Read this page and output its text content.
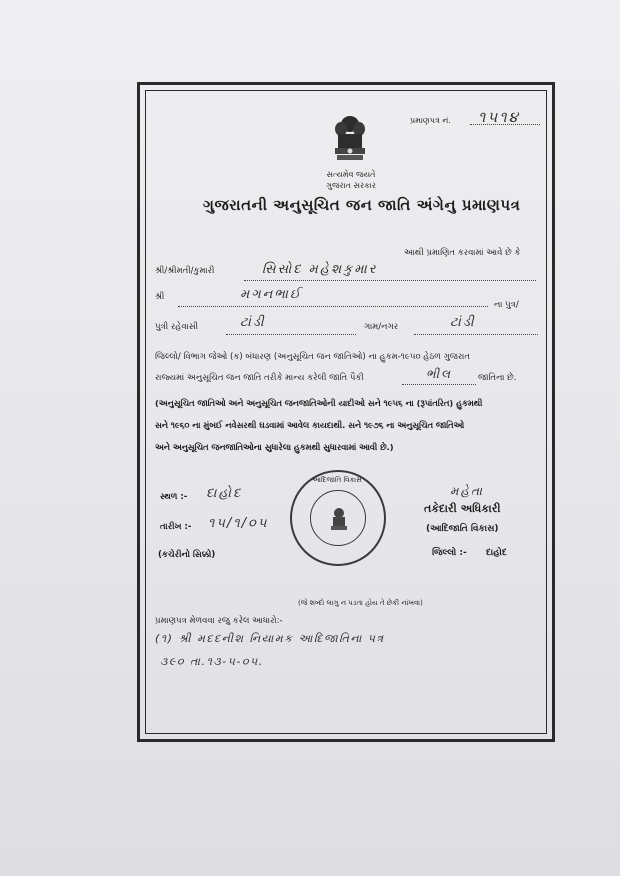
પ્રમાણપત્ર નં. ૧૫૧૪
સત્યમેવ જયતે
ગુજરાત સરકાર
ગુજરાતની અનુસૂચિત જન જાતિ અંગેનુ પ્રમાણપત્ર
આથી પ્રમાણિત કરવામાં આવે છે કે
શ્રી/શ્રીમતી/કુમારી	સિસોદ મહેશકુમાર
શ્રી	મગનભાઈ
ના પુત્ર/
પુત્રી રહેવાસી	ટાંડી	ગામ/નગર	ટાંડી
જિલ્લો/ વિભાગ જેઓ (ક) બંધારણ (અનુસૂચિત જન જાતિઓ) ના હુકમ-૧૯૫૦ હેઠળ ગુજરાત
રાજ્યમાં અનુસૂચિત જન જાતિ તરીકે માન્ય કરેલી જાતિ પૈકી	ભીલ	જાતિના છે.
(અનુસૂચિત જાતિઓ અને અનુસૂચિત જનજાતિઓની યાદીઓ સને ૧૯૫૬ ના (રૂપાંતરિત) હુકમથી
સને ૧૯૬૦ ના મુંબઈ નવેસરથી ઘડવામાં આવેલ કાયદાથી. સને ૧૯૭૬ ના અનુસૂચિત જાતિઓ
અને અનુસૂચિત જનજાતિઓના સુધારેલા હુકમથી સુધારવામાં આવી છે.)
સ્થળ :- દાહોદ
તારીખ :- ૧૫/૧/૦૫
(કચેરીનો સિક્કો)
આદિજાતિ વિકાસ
મહેતા
તકેદારી અધિકારી
(આદિજાતિ વિકાસ)
જિલ્લો :- દાહોદ
(જે શબ્દો લાગુ ન પડતા હોય તે છેકી નાંખવા)
પ્રમાણપત્ર મેળવવા રજુ કરેલ આધારો:-
(૧) શ્રી મદદનીશ નિયામક આદિજાતિના પત્ર
૩૯૦ તા.૧૩-૫-૦૫.
